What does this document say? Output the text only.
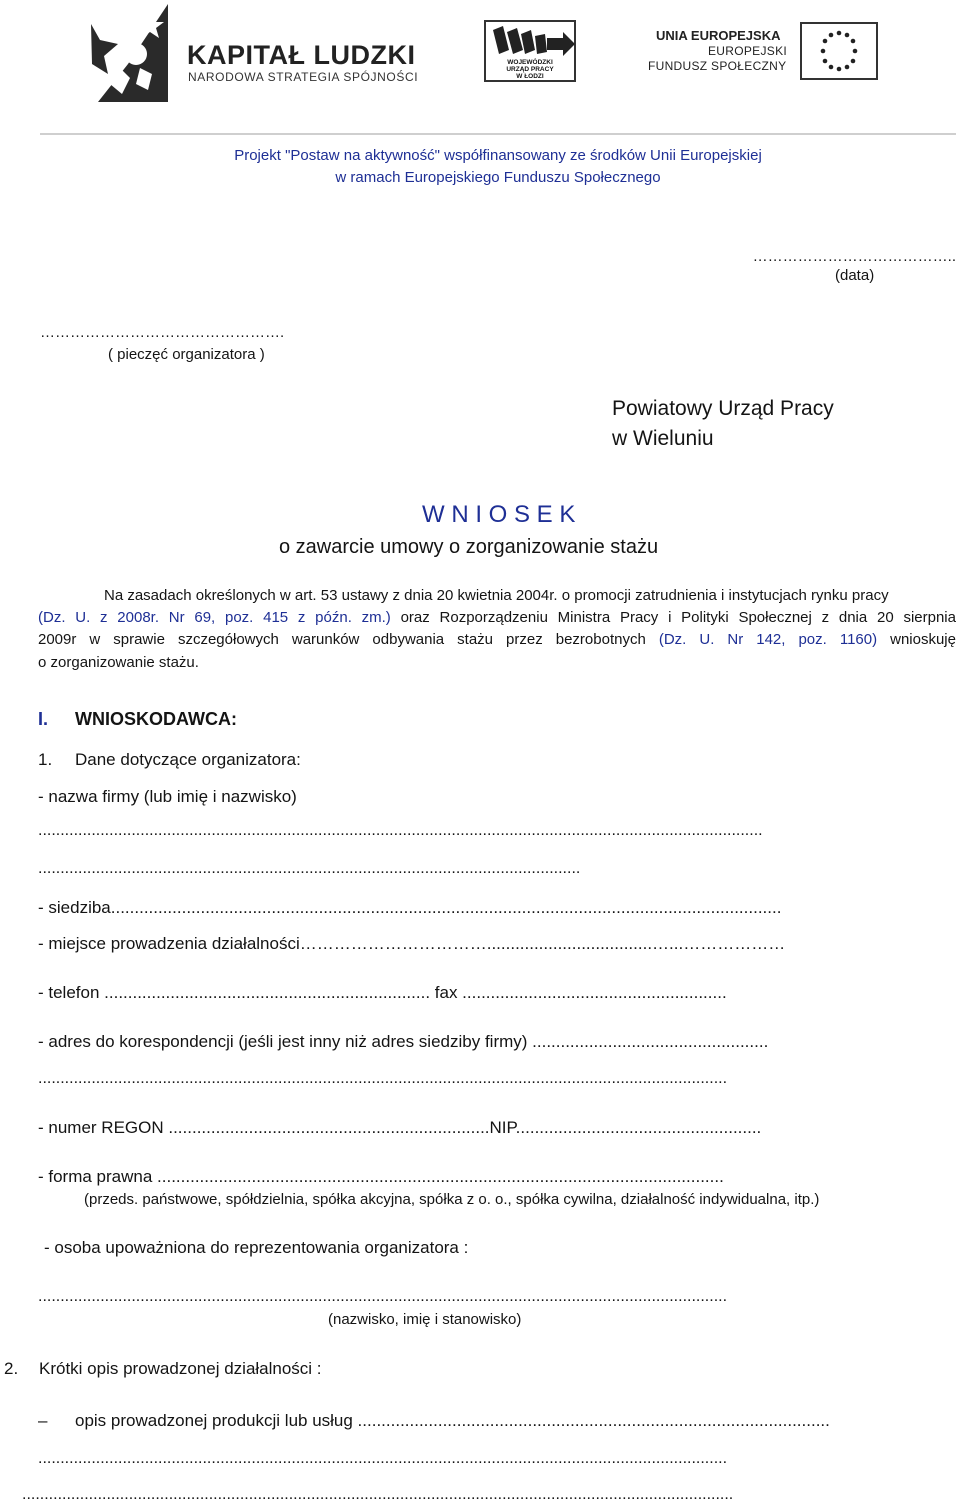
KAPITAŁ LUDZKI
NARODOWA STRATEGIA SPÓJNOŚCI
WOJEWÓDZKI
URZĄD PRACY
W ŁODZI
UNIA EUROPEJSKA
EUROPEJSKI
FUNDUSZ SPOŁECZNY
Projekt "Postaw na aktywność" współfinansowany ze środków Unii Europejskiej
w ramach Europejskiego Funduszu Społecznego
…………………………………..
(data)
………………………………………….
( pieczęć organizatora )
Powiatowy Urząd Pracy
w Wieluniu
W N I O S E K
o zawarcie umowy o zorganizowanie stażu
Na zasadach określonych w art. 53 ustawy z dnia 20 kwietnia 2004r. o promocji zatrudnienia i instytucjach rynku pracy
(Dz. U. z 2008r. Nr 69, poz. 415 z późn. zm.) oraz Rozporządzeniu Ministra Pracy i Polityki Społecznej z dnia 20 sierpnia
2009r w sprawie szczegółowych warunków odbywania stażu przez bezrobotnych (Dz. U. Nr 142, poz. 1160) wnioskuję
o zorganizowanie stażu.
I. WNIOSKODAWCA:
1. Dane dotyczące organizatora:
- nazwa firmy (lub imię i nazwisko)
...................................................................................................................................................................
..........................................................................................................................
- siedziba..............................................................................................................................................
- miejsce prowadzenia działalności……………………………...................................…...………………
- telefon ..................................................................... fax ........................................................
- adres do korespondencji (jeśli jest inny niż adres siedziby firmy) ..................................................
...........................................................................................................................................................
- numer REGON ....................................................................NIP....................................................
- forma prawna ........................................................................................................................
(przeds. państwowe, spółdzielnia, spółka akcyjna, spółka z o. o., spółka cywilna, działalność indywidualna, itp.)
- osoba upoważniona do reprezentowania organizatora :
...........................................................................................................................................................
(nazwisko, imię i stanowisko)
2. Krótki opis prowadzonej działalności :
– opis prowadzonej produkcji lub usług ....................................................................................................
...........................................................................................................................................................
................................................................................................................................................................
